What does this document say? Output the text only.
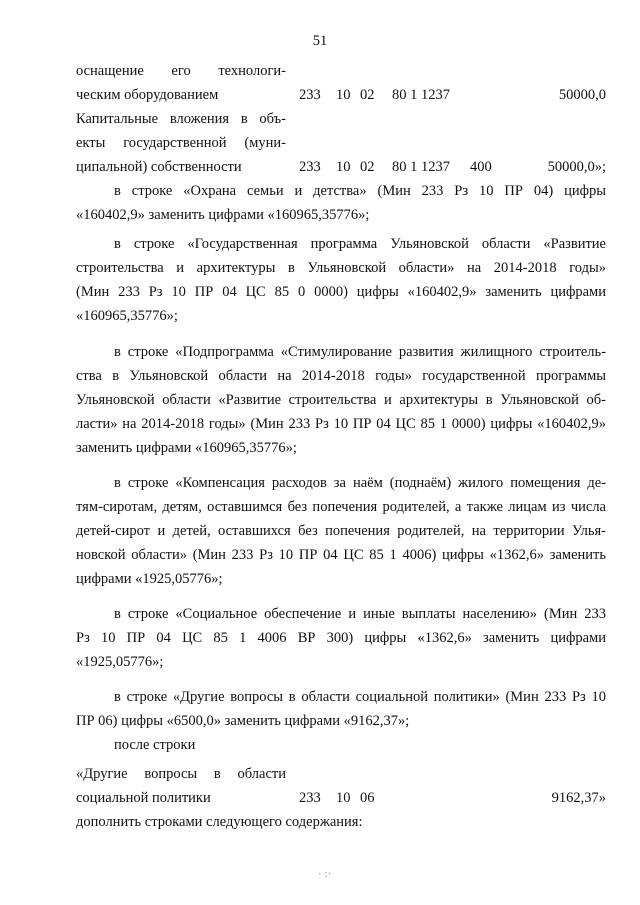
51
оснащение его технологи-
ческим оборудованием	233 10 02 80 1 1237	50000,0
Капитальные вложения в объ-
екты государственной (муни-
ципальной) собственности	233 10 02 80 1 1237 400	50000,0»;
в строке «Охрана семьи и детства» (Мин 233 Рз 10 ПР 04) цифры
«160402,9» заменить цифрами «160965,35776»;
в строке «Государственная программа Ульяновской области «Развитие
строительства и архитектуры в Ульяновской области» на 2014-2018 годы»
(Мин 233 Рз 10 ПР 04 ЦС 85 0 0000) цифры «160402,9» заменить цифрами
«160965,35776»;
в строке «Подпрограмма «Стимулирование развития жилищного строитель-
ства в Ульяновской области на 2014-2018 годы» государственной программы
Ульяновской области «Развитие строительства и архитектуры в Ульяновской об-
ласти» на 2014-2018 годы» (Мин 233 Рз 10 ПР 04 ЦС 85 1 0000) цифры «160402,9»
заменить цифрами «160965,35776»;
в строке «Компенсация расходов за наём (поднаём) жилого помещения де-
тям-сиротам, детям, оставшимся без попечения родителей, а также лицам из числа
детей-сирот и детей, оставшихся без попечения родителей, на территории Улья-
новской области» (Мин 233 Рз 10 ПР 04 ЦС 85 1 4006) цифры «1362,6» заменить
цифрами «1925,05776»;
в строке «Социальное обеспечение и иные выплаты населению» (Мин 233
Рз 10 ПР 04 ЦС 85 1 4006 ВР 300) цифры «1362,6» заменить цифрами
«1925,05776»;
в строке «Другие вопросы в области социальной политики» (Мин 233 Рз 10
ПР 06) цифры «6500,0» заменить цифрами «9162,37»;
после строки
«Другие вопросы в области
социальной политики	233 10 06	9162,37»
дополнить строками следующего содержания:
· :·
